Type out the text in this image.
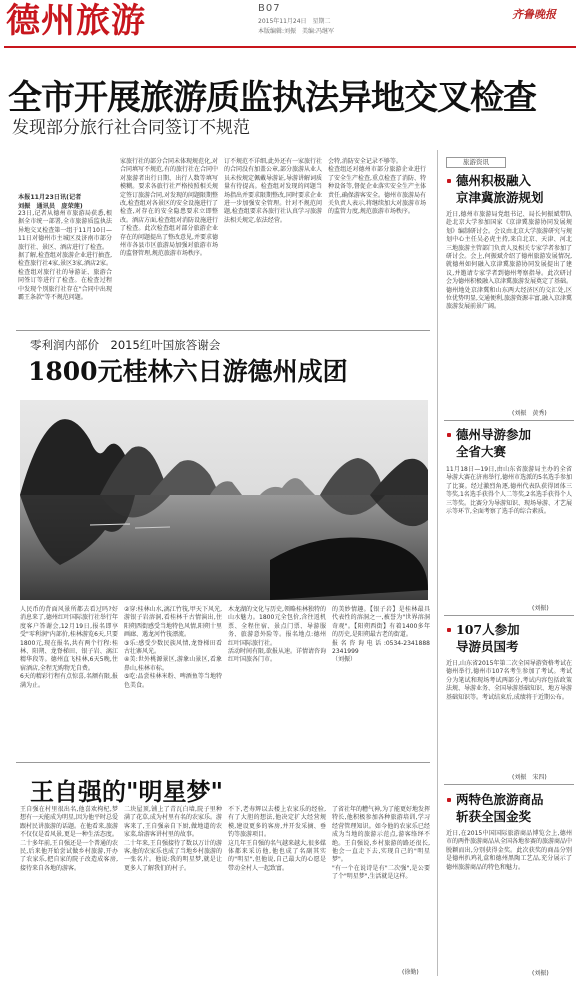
德州旅游	B07
2015年11月24日　星期二
本版编辑:刘振　美编:冯继军
齐鲁晚报
全市开展旅游质监执法异地交叉检查
发现部分旅行社合同签订不规范
本报11月23日讯(记者
刘振　通讯员　庞荣莲)
23日,记者从德州市旅游局获悉,根据全市统一部署,全市旅游质监执法异地交叉检查第一组于11月10日—11日对德州市主城区及济南市部分旅行社、景区、酒店进行了检查。
据了解,检查组对旅游企业进行抽查,检查旅行社4家,景区3家,酒店2家。检查组对旅行社的导游证、旅游合同签订等进行了检查。在检查过程中发现个别旅行社存在"合同中出现霸王条款"等不规范问题。
家旅行社的部分合同未体现规范化,对合同填写不规范,有的旅行社在合同中对旅游者出行日期、出行人数等填写模糊。要求各旅行社严格按照相关规定签订旅游合同,对发现的问题限期整改,检查组对各景区的安全设施进行了检查,对存在的安全隐患要求立即整改。酒店方面,检查组对消防设施进行了检查。此次检查组对部分旅游企业存在的问题提出了整改意见,并要求德州市各县市区旅游局加强对旅游市场的监督管理,规范旅游市场秩序。
订不规范不详细,此外还有一家旅行社的合同没有加盖公章,部分旅游从业人员未按规定佩戴导游证,导游讲解词质量有待提高。检查组对发现的问题当场指出并要求限期整改,同时要求企业进一步加强安全管理。针对不规范问题,检查组要求各旅行社认真学习旅游法相关规定,依法经营。
会特,消防安全记录不够等。
检查组还对德州市部分旅游企业进行了安全生产检查,重点检查了消防、特种设备等,督促企业落实安全生产主体责任,确保游客安全。德州市旅游局有关负责人表示,将继续加大对旅游市场的监管力度,规范旅游市场秩序。
零利润内部价　2015红叶国旅答谢会
1800元桂林六日游德州成团
人民币的背面风景所都去看过吗?好消息来了,德州红叶国际旅行社举行年度客户答谢会,12月19日,报名即享受"零利润"内部价,桂林游览6天,只要1800元,现在报名,共有两个行程:桂林、阳朔、龙脊梯田、银子岩、漓江精华段等。德州直飞桂林,6天5晚,住宿酒店,全程无购物无自费。
6天的精彩行程有点惊喜,名额有限,报满为止。
②穿:桂林山水,漓江竹筏,甲天下风光,游银子岩溶洞,看桂林千古情演出,住阳朔西街感受当地特色风情,阳朔十里画廊、遇龙河竹筏漂流。
③乐:感受少数民族风情,龙脊梯田看古壮寨风光。
④美:世外桃源景区,游象山景区,看象鼻山,桂林市标。
⑤吃:品尝桂林米粉、啤酒鱼等当地特色美食。
木龙湖的文化与历史,领略桂林独特的山水魅力。1800元全包价,含往返机票、全程住宿、景点门票、导游服务、旅游意外险等。报名地点:德州红叶国际旅行社。
活动时间有限,欲报从速。详情请咨询红叶国旅各门市。
的美妙情趣。【银子岩】是桂林最具代表性的溶洞之一,被誉为"世界溶洞奇观"。【阳朔西街】有着1400多年的历史,是阳朔最古老的街道。
报名咨询电话:0534-2341888 2341999
（刘振）
王自强的"明星梦"
王自强在村里很出名,他喜欢枸杞,梦想有一天能成为明星,因为他平时总爱跟村民讲旅游的话题。在他看来,旅游不仅仅是看风景,更是一种生活态度。
二十多年前,王自强还是一个普通的农民,后来他开始尝试做乡村旅游,开办了农家乐,把自家的院子改造成客房,接待来自各地的游客。
二块屋顶,铺上了青瓦白墙,院子里种满了花草,成为村里有名的农家乐。游客来了,王自强亲自下厨,做地道的农家菜,给游客讲村里的故事。
二十年来,王自强接待了数以万计的游客,他的农家乐也成了当地乡村旅游的一张名片。他说:我的明星梦,就是让更多人了解我们的村子。
不下,老寿辉以去楼上农家乐的经验,有了大胆的想法,他决定扩大经营规模,建设更多的客房,并开发采摘、垂钓等旅游项目。
这几年王自强的名气越来越大,很多媒体都来采访他,他也成了名副其实的"明星",但他说,自己最大的心愿是带动全村人一起致富。
了省社年的糟气神,为了能更好地发挥特长,他积极参加各种旅游培训,学习经营管理知识。如今他的农家乐已经成为当地的旅游示范点,游客络绎不绝。王自强说,乡村旅游的路还很长,他会一直走下去,实现自己的"明星梦"。
"有一个在说诗是有"二次强",是公要了个"明星梦",生活就是这样。
(徐勤)
旅游资讯
德州积极融入
京津冀旅游规划
近日,德州市旅游局党组书记、局长何振斌带队赴北京大学参加国家《京津冀旅游协同发展规划》编制研讨会。会议由北京大学旅游研究与规划中心主任吴必虎主持,来自北京、天津、河北三地旅游主管部门负责人及相关专家学者参加了研讨会。会上,何振斌介绍了德州旅游发展情况,就德州如何融入京津冀旅游协同发展提出了建议,并邀请专家学者到德州考察指导。此次研讨会为德州积极融入京津冀旅游发展奠定了基础。德州地处京津冀和山东两大经济区的交汇处,区位优势明显,交通便利,旅游资源丰富,融入京津冀旅游发展前景广阔。
(刘振　黄秀)
德州导游参加
全省大赛
11月18日—19日,由山东省旅游局主办的全省导游大赛在济南举行,德州市选派的5名选手参加了比赛。经过激烈角逐,德州代表队获得团体三等奖,1名选手获得个人二等奖,2名选手获得个人三等奖。比赛分为导游知识、现场导游、才艺展示等环节,全面考察了选手的综合素质。
(刘振)
107人参加
导游员国考
近日,山东省2015年第二次全国导游资格考试在德州举行,德州市107名考生参加了考试。考试分为笔试和现场考试两部分,考试内容包括政策法规、导游业务、全国导游基础知识、地方导游基础知识等。考试结束后,成绩将于近期公布。
(刘振　宋四)
两特色旅游商品
斩获全国金奖
近日,在2015中国国际旅游商品博览会上,德州市的两件旅游商品从全国各地参赛的旅游商品中脱颖而出,分别获得金奖。此次获奖的商品分别是德州扒鸡礼盒和德州黑陶工艺品,充分展示了德州旅游商品的特色和魅力。
(刘振)
